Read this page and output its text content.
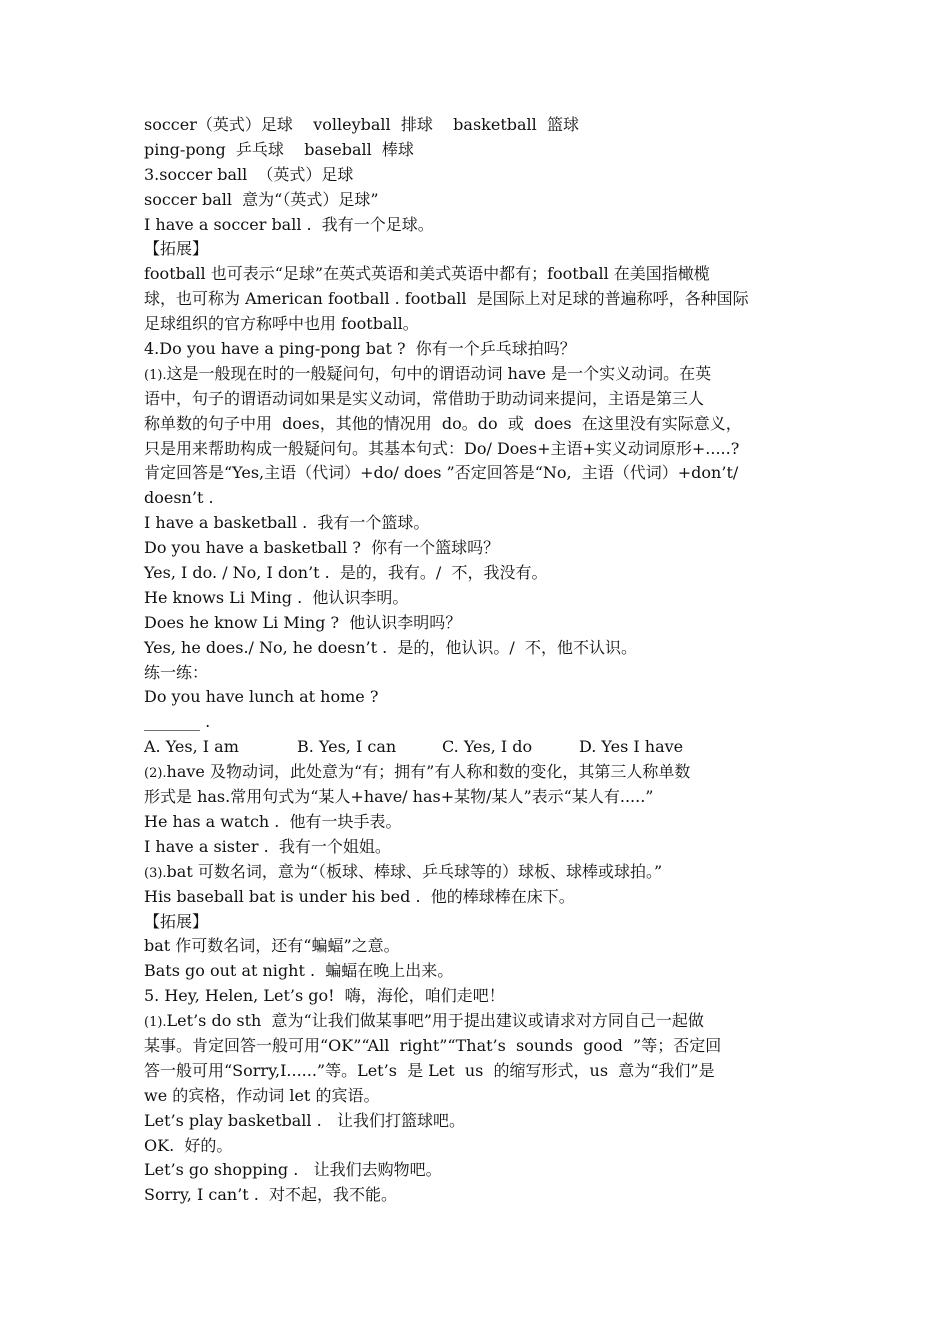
soccer（英式）足球    volleyball  排球    basketball  篮球
ping-pong  乒乓球    baseball  棒球
3.soccer ball  （英式）足球
soccer ball  意为“（英式）足球”
I have a soccer ball .  我有一个足球。
【拓展】
football 也可表示“足球”在英式英语和美式英语中都有；football 在美国指橄榄
球，也可称为 American football . football  是国际上对足球的普遍称呼，各种国际
足球组织的官方称呼中也用 football。
4.Do you have a ping-pong bat ?  你有一个乒乓球拍吗？
(1).这是一般现在时的一般疑问句，句中的谓语动词 have 是一个实义动词。在英
语中，句子的谓语动词如果是实义动词，常借助于助动词来提问，主语是第三人
称单数的句子中用  does，其他的情况用  do。do  或  does  在这里没有实际意义，
只是用来帮助构成一般疑问句。其基本句式：Do/ Does+主语+实义动词原形+.....?
肯定回答是“Yes,主语（代词）+do/ does ”否定回答是“No,  主语（代词）+don’t/
doesn’t .
I have a basketball .  我有一个篮球。
Do you have a basketball ?  你有一个篮球吗？
Yes, I do. / No, I don’t .  是的，我有。/  不，我没有。
He knows Li Ming .  他认识李明。
Does he know Li Ming ?  他认识李明吗？
Yes, he does./ No, he doesn’t .  是的，他认识。/  不，他不认识。
练一练：
Do you have lunch at home ?
_______ .
A. Yes, I am	B. Yes, I can	C. Yes, I do	D. Yes I have
(2).have 及物动词，此处意为“有；拥有”有人称和数的变化，其第三人称单数
形式是 has.常用句式为“某人+have/ has+某物/某人”表示“某人有.....”
He has a watch .  他有一块手表。
I have a sister .  我有一个姐姐。
(3).bat 可数名词，意为“（板球、棒球、乒乓球等的）球板、球棒或球拍。”
His baseball bat is under his bed .  他的棒球棒在床下。
【拓展】
bat 作可数名词，还有“蝙蝠”之意。
Bats go out at night .  蝙蝠在晚上出来。
5. Hey, Helen, Let’s go!  嗨，海伦，咱们走吧！
(1).Let’s do sth  意为“让我们做某事吧”用于提出建议或请求对方同自己一起做
某事。肯定回答一般可用“OK”“All  right”“That’s  sounds  good  ”等；否定回
答一般可用“Sorry,I......”等。Let’s  是 Let  us  的缩写形式，us  意为“我们”是
we 的宾格，作动词 let 的宾语。
Let’s play basketball .   让我们打篮球吧。
OK.  好的。
Let’s go shopping .   让我们去购物吧。
Sorry, I can’t .  对不起，我不能。
